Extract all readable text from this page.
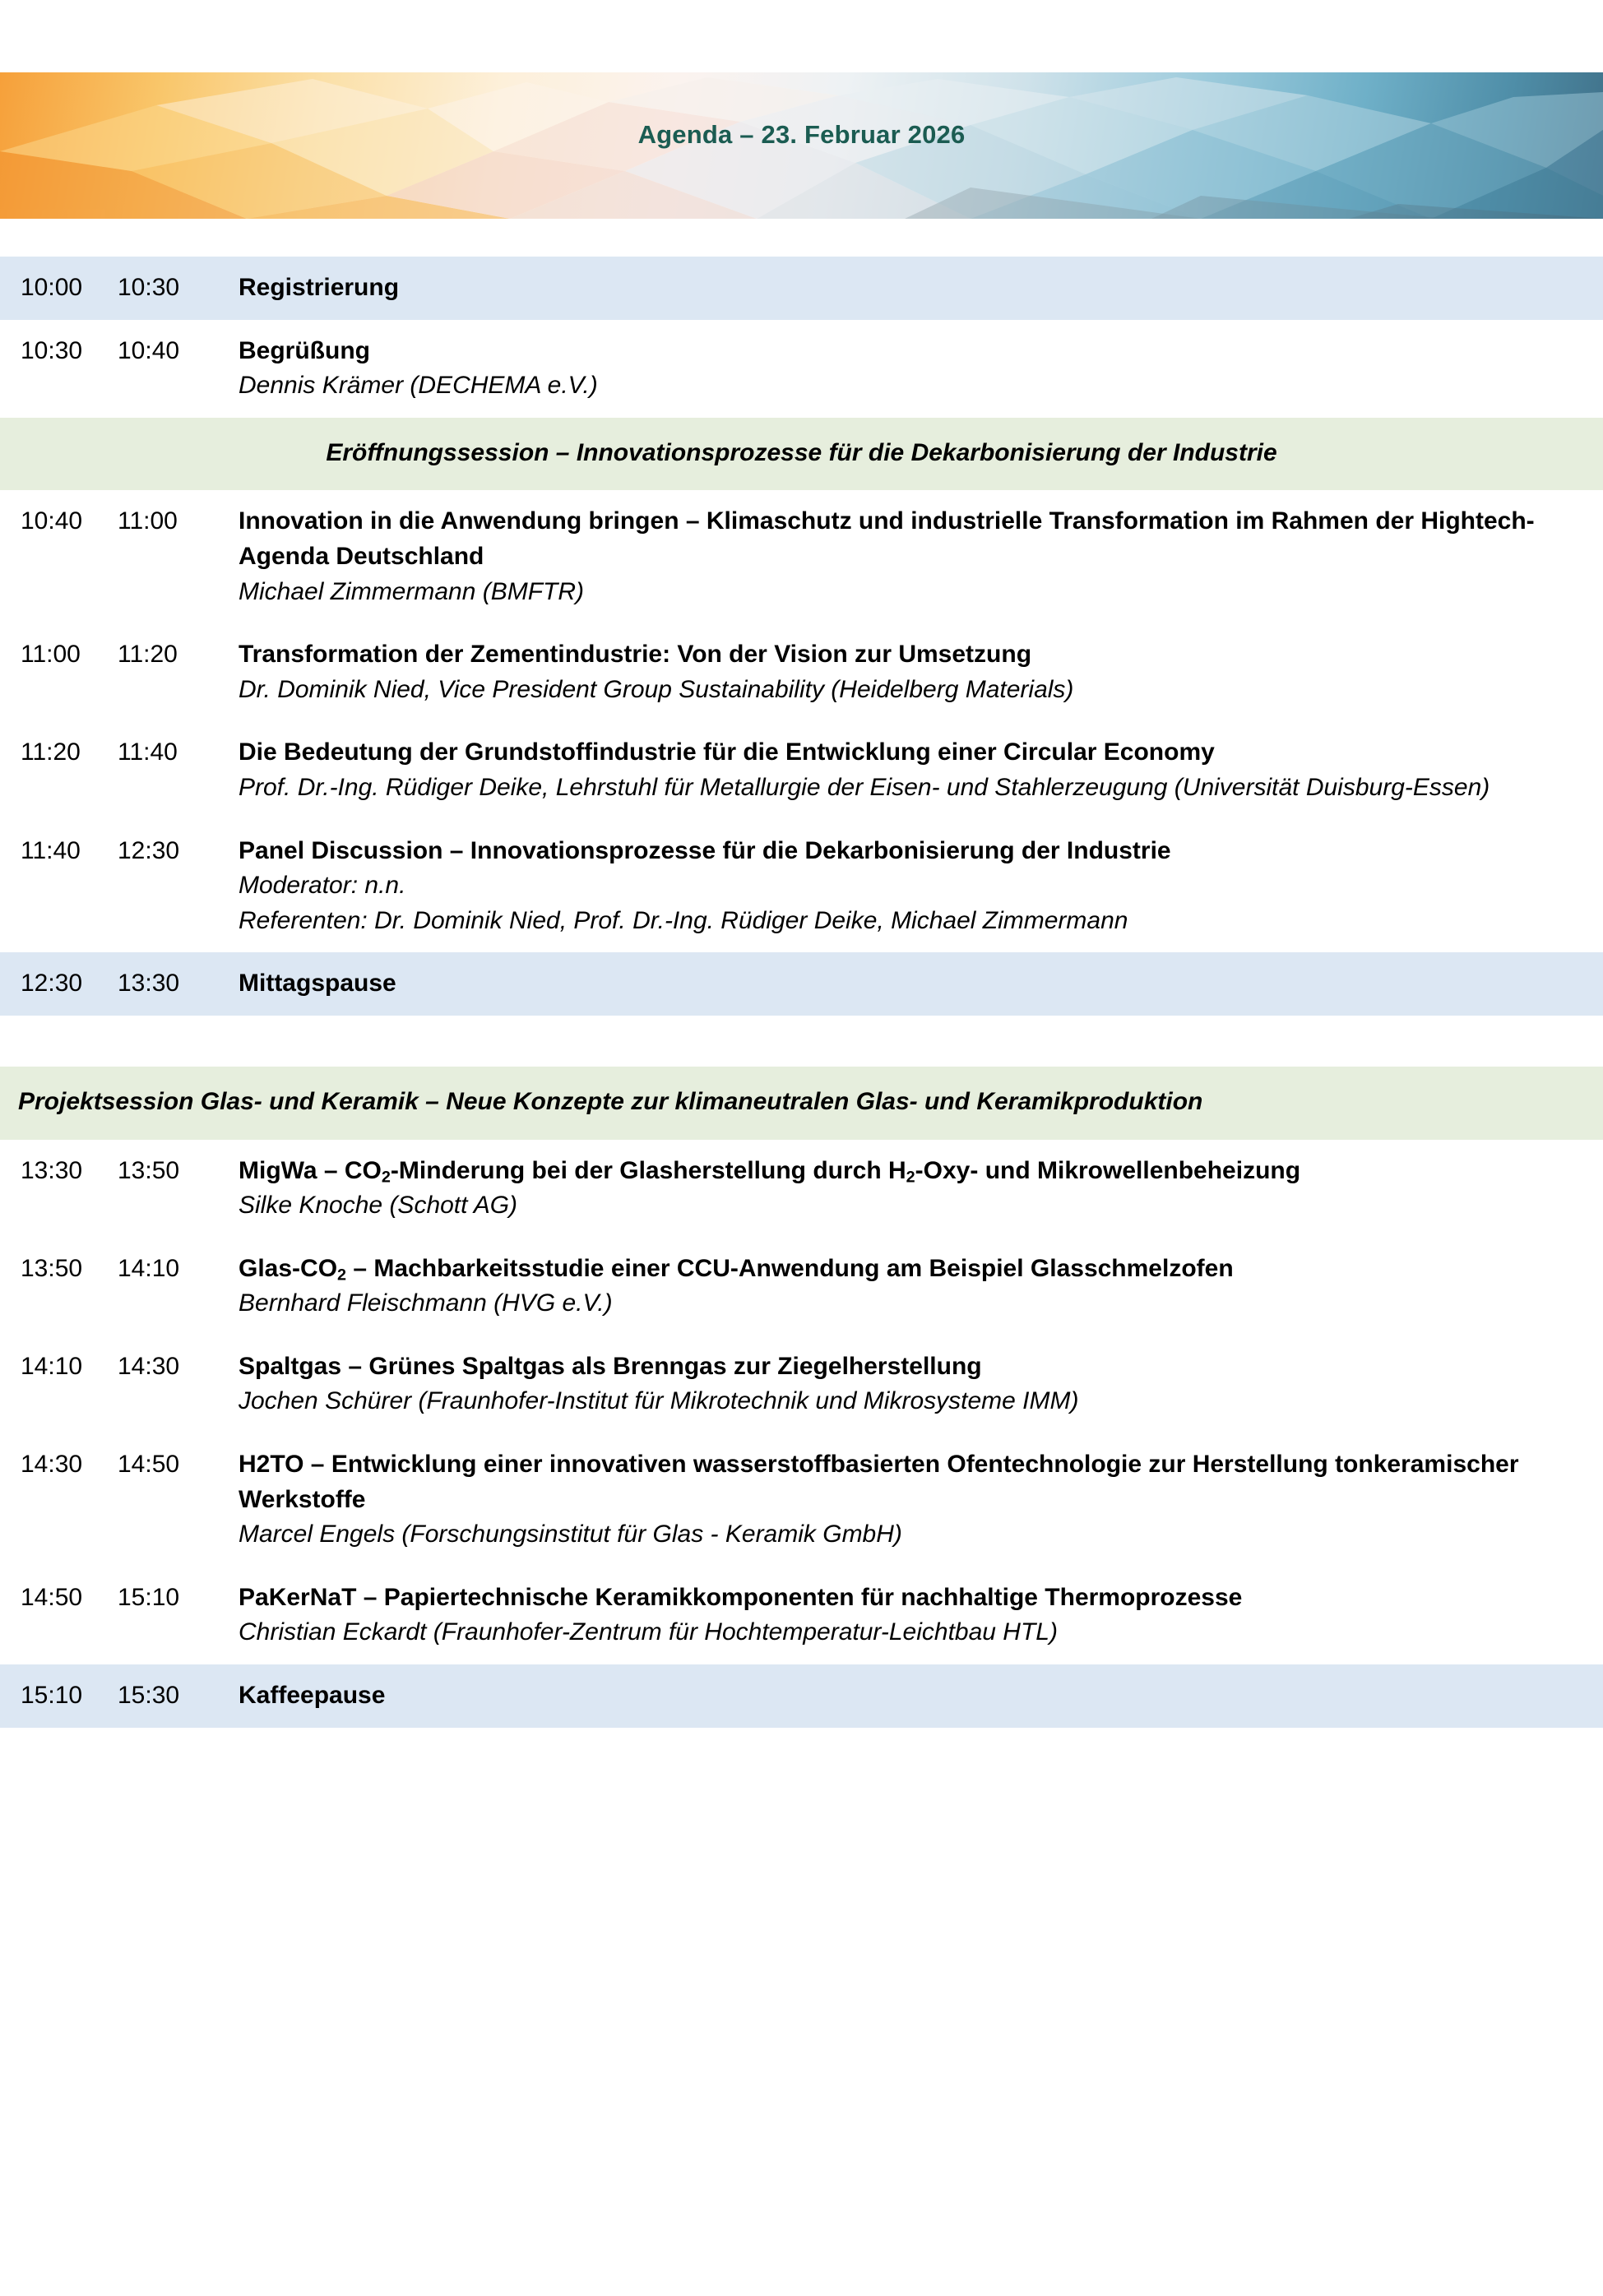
Agenda – 23. Februar 2026
10:00	10:30	Registrierung
10:30	10:40	Begrüßung
Dennis Krämer (DECHEMA e.V.)
Eröffnungssession – Innovationsprozesse für die Dekarbonisierung der Industrie
10:40	11:00	Innovation in die Anwendung bringen – Klimaschutz und industrielle Transformation im Rahmen der Hightech-Agenda Deutschland
Michael Zimmermann (BMFTR)
11:00	11:20	Transformation der Zementindustrie: Von der Vision zur Umsetzung
Dr. Dominik Nied, Vice President Group Sustainability (Heidelberg Materials)
11:20	11:40	Die Bedeutung der Grundstoffindustrie für die Entwicklung einer Circular Economy
Prof. Dr.-Ing. Rüdiger Deike, Lehrstuhl für Metallurgie der Eisen- und Stahlerzeugung (Universität Duisburg-Essen)
11:40	12:30	Panel Discussion – Innovationsprozesse für die Dekarbonisierung der Industrie
Moderator: n.n.
Referenten: Dr. Dominik Nied, Prof. Dr.-Ing. Rüdiger Deike, Michael Zimmermann
12:30	13:30	Mittagspause
Projektsession Glas- und Keramik – Neue Konzepte zur klimaneutralen Glas- und Keramikproduktion
13:30	13:50	MigWa – $CO_2$-Minderung bei der Glasherstellung durch $H_2-Oxy-$ und Mikrowellenbeheizung
Silke Knoche (Schott AG)
13:50	14:10	Glas-$CO_2$ – Machbarkeitsstudie einer CCU-Anwendung am Beispiel Glasschmelzofen
Bernhard Fleischmann (HVG e.V.)
14:10	14:30	Spaltgas – Grünes Spaltgas als Brenngas zur Ziegelherstellung
Jochen Schürer (Fraunhofer-Institut für Mikrotechnik und Mikrosysteme IMM)
14:30	14:50	H2TO – Entwicklung einer innovativen wasserstoffbasierten Ofentechnologie zur Herstellung tonkeramischer Werkstoffe
Marcel Engels (Forschungsinstitut für Glas - Keramik GmbH)
14:50	15:10	PaKerNaT – Papiertechnische Keramikkomponenten für nachhaltige Thermoprozesse
Christian Eckardt (Fraunhofer-Zentrum für Hochtemperatur-Leichtbau HTL)
15:10	15:30	Kaffeepause
